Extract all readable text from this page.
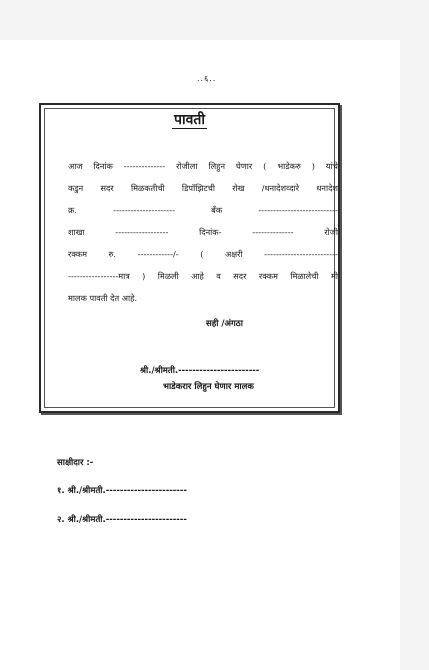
..६..
पावती
आज दिनांक -------------- रोजीला लिहुन घेणार ( भाडेकरु ) यांचे
कडुन सदर मिळकतीची डिपॉझिटची रोख /धनादेशव्दारे धनादेश
क्र. --------------------- बँक ---------------------------
शाखा ------------------ दिनांक- -------------- रोजी
रक्कम रु. ------------/- ( अक्षरी -------------------------
-----------------मात्र ) मिळली आहे व सदर रक्कम मिळालेची मी
मालक पावती देत आहे.
सही /अंगठा
श्री./श्रीमती.-----------------------
भाडेकरार लिहुन घेणार मालक
साक्षीदार :-
१. श्री./श्रीमती.-----------------------
२. श्री./श्रीमती.-----------------------
